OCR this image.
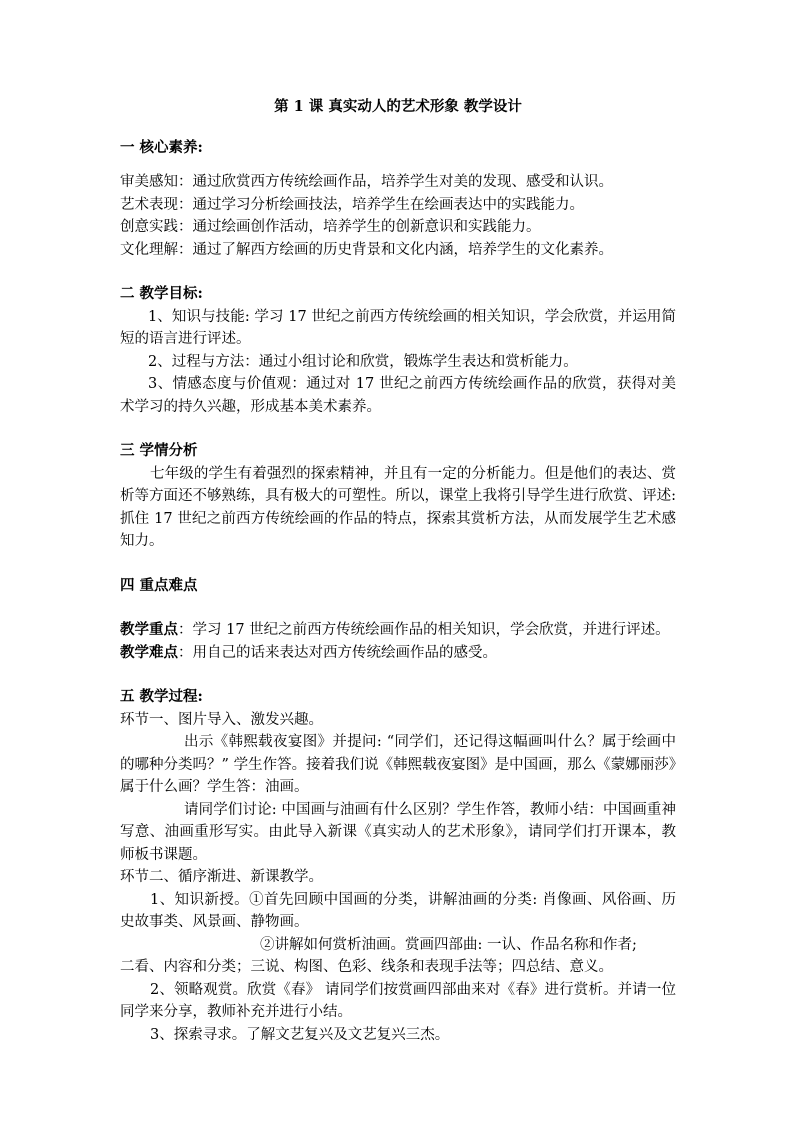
第 1 课 真实动人的艺术形象 教学设计

一 核心素养:

审美感知：通过欣赏西方传统绘画作品，培养学生对美的发现、感受和认识。

艺术表现：通过学习分析绘画技法，培养学生在绘画表达中的实践能力。

创意实践：通过绘画创作活动，培养学生的创新意识和实践能力。

文化理解：通过了解西方绘画的历史背景和文化内涵，培养学生的文化素养。

二 教学目标:

1、知识与技能: 学习 17 世纪之前西方传统绘画的相关知识，学会欣赏，并运用简短的语言进行评述。

2、过程与方法：通过小组讨论和欣赏，锻炼学生表达和赏析能力。

3、情感态度与价值观：通过对 17 世纪之前西方传统绘画作品的欣赏，获得对美术学习的持久兴趣，形成基本美术素养。

三 学情分析

七年级的学生有着强烈的探索精神，并且有一定的分析能力。但是他们的表达、赏析等方面还不够熟练，具有极大的可塑性。所以，课堂上我将引导学生进行欣赏、评述: 抓住 17 世纪之前西方传统绘画的作品的特点，探索其赏析方法，从而发展学生艺术感知力。

四 重点难点

教学重点：学习 17 世纪之前西方传统绘画作品的相关知识，学会欣赏，并进行评述。

教学难点：用自己的话来表达对西方传统绘画作品的感受。

五 教学过程:

环节一、图片导入、激发兴趣。

出示《韩熙载夜宴图》并提问: “同学们，还记得这幅画叫什么？属于绘画中的哪种分类吗？” 学生作答。接着我们说《韩熙载夜宴图》是中国画，那么《蒙娜丽莎》属于什么画？学生答：油画。

请同学们讨论: 中国画与油画有什么区别？学生作答，教师小结：中国画重神写意、油画重形写实。由此导入新课《真实动人的艺术形象》，请同学们打开课本，教师板书课题。

环节二、循序渐进、新课教学。

1、知识新授。①首先回顾中国画的分类，讲解油画的分类: 肖像画、风俗画、历史故事类、风景画、静物画。

②讲解如何赏析油画。赏画四部曲: 一认、作品名称和作者;

二看、内容和分类；三说、构图、色彩、线条和表现手法等；四总结、意义。

2、领略观赏。欣赏《春》 请同学们按赏画四部曲来对《春》进行赏析。并请一位同学来分享，教师补充并进行小结。

3、探索寻求。了解文艺复兴及文艺复兴三杰。
